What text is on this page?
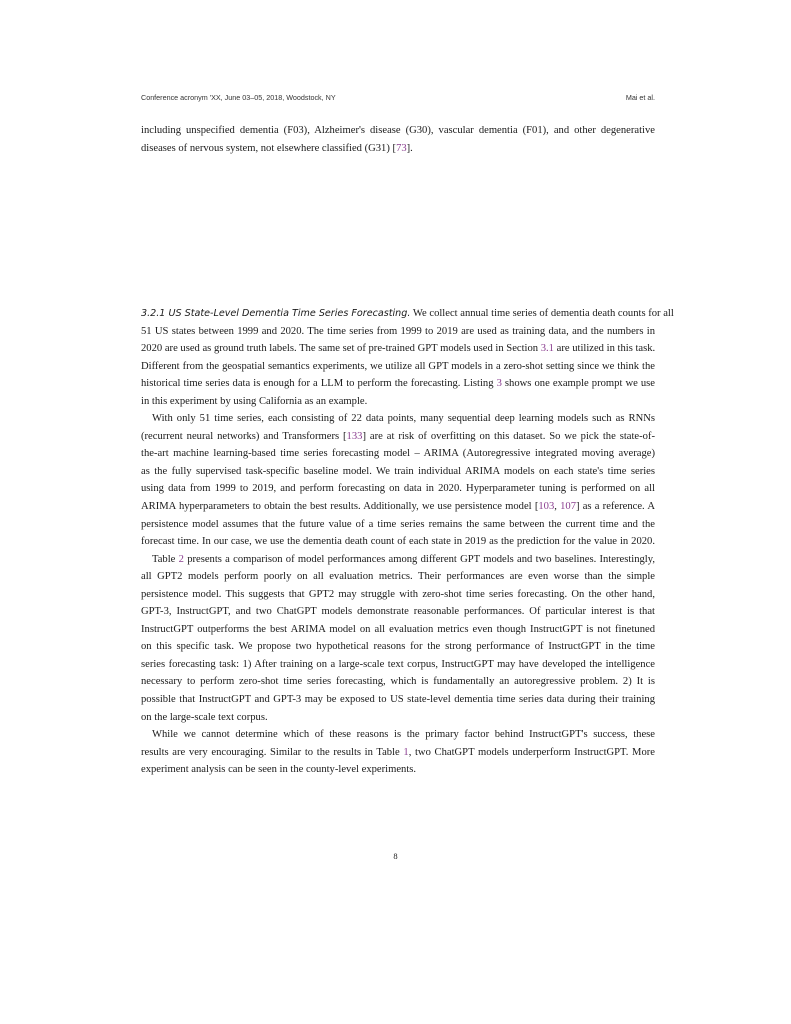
Conference acronym 'XX, June 03–05, 2018, Woodstock, NY	Mai et al.
including unspecified dementia (F03), Alzheimer's disease (G30), vascular dementia (F01), and other degenerative
diseases of nervous system, not elsewhere classified (G31) [73].
3.2.1 US State-Level Dementia Time Series Forecasting. We collect annual time series of dementia death counts for all
51 US states between 1999 and 2020. The time series from 1999 to 2019 are used as training data, and the numbers in
2020 are used as ground truth labels. The same set of pre-trained GPT models used in Section 3.1 are utilized in this task.
Different from the geospatial semantics experiments, we utilize all GPT models in a zero-shot setting since we think the
historical time series data is enough for a LLM to perform the forecasting. Listing 3 shows one example prompt we use
in this experiment by using California as an example.
With only 51 time series, each consisting of 22 data points, many sequential deep learning models such as RNNs
(recurrent neural networks) and Transformers [133] are at risk of overfitting on this dataset. So we pick the state-of-
the-art machine learning-based time series forecasting model – ARIMA (Autoregressive integrated moving average)
as the fully supervised task-specific baseline model. We train individual ARIMA models on each state's time series
using data from 1999 to 2019, and perform forecasting on data in 2020. Hyperparameter tuning is performed on all
ARIMA hyperparameters to obtain the best results. Additionally, we use persistence model [103, 107] as a reference. A
persistence model assumes that the future value of a time series remains the same between the current time and the
forecast time. In our case, we use the dementia death count of each state in 2019 as the prediction for the value in 2020.
Table 2 presents a comparison of model performances among different GPT models and two baselines. Interestingly,
all GPT2 models perform poorly on all evaluation metrics. Their performances are even worse than the simple
persistence model. This suggests that GPT2 may struggle with zero-shot time series forecasting. On the other hand,
GPT-3, InstructGPT, and two ChatGPT models demonstrate reasonable performances. Of particular interest is that
InstructGPT outperforms the best ARIMA model on all evaluation metrics even though InstructGPT is not finetuned
on this specific task. We propose two hypothetical reasons for the strong performance of InstructGPT in the time
series forecasting task: 1) After training on a large-scale text corpus, InstructGPT may have developed the intelligence
necessary to perform zero-shot time series forecasting, which is fundamentally an autoregressive problem. 2) It is
possible that InstructGPT and GPT-3 may be exposed to US state-level dementia time series data during their training
on the large-scale text corpus.
While we cannot determine which of these reasons is the primary factor behind InstructGPT's success, these
results are very encouraging. Similar to the results in Table 1, two ChatGPT models underperform InstructGPT. More
experiment analysis can be seen in the county-level experiments.
8
